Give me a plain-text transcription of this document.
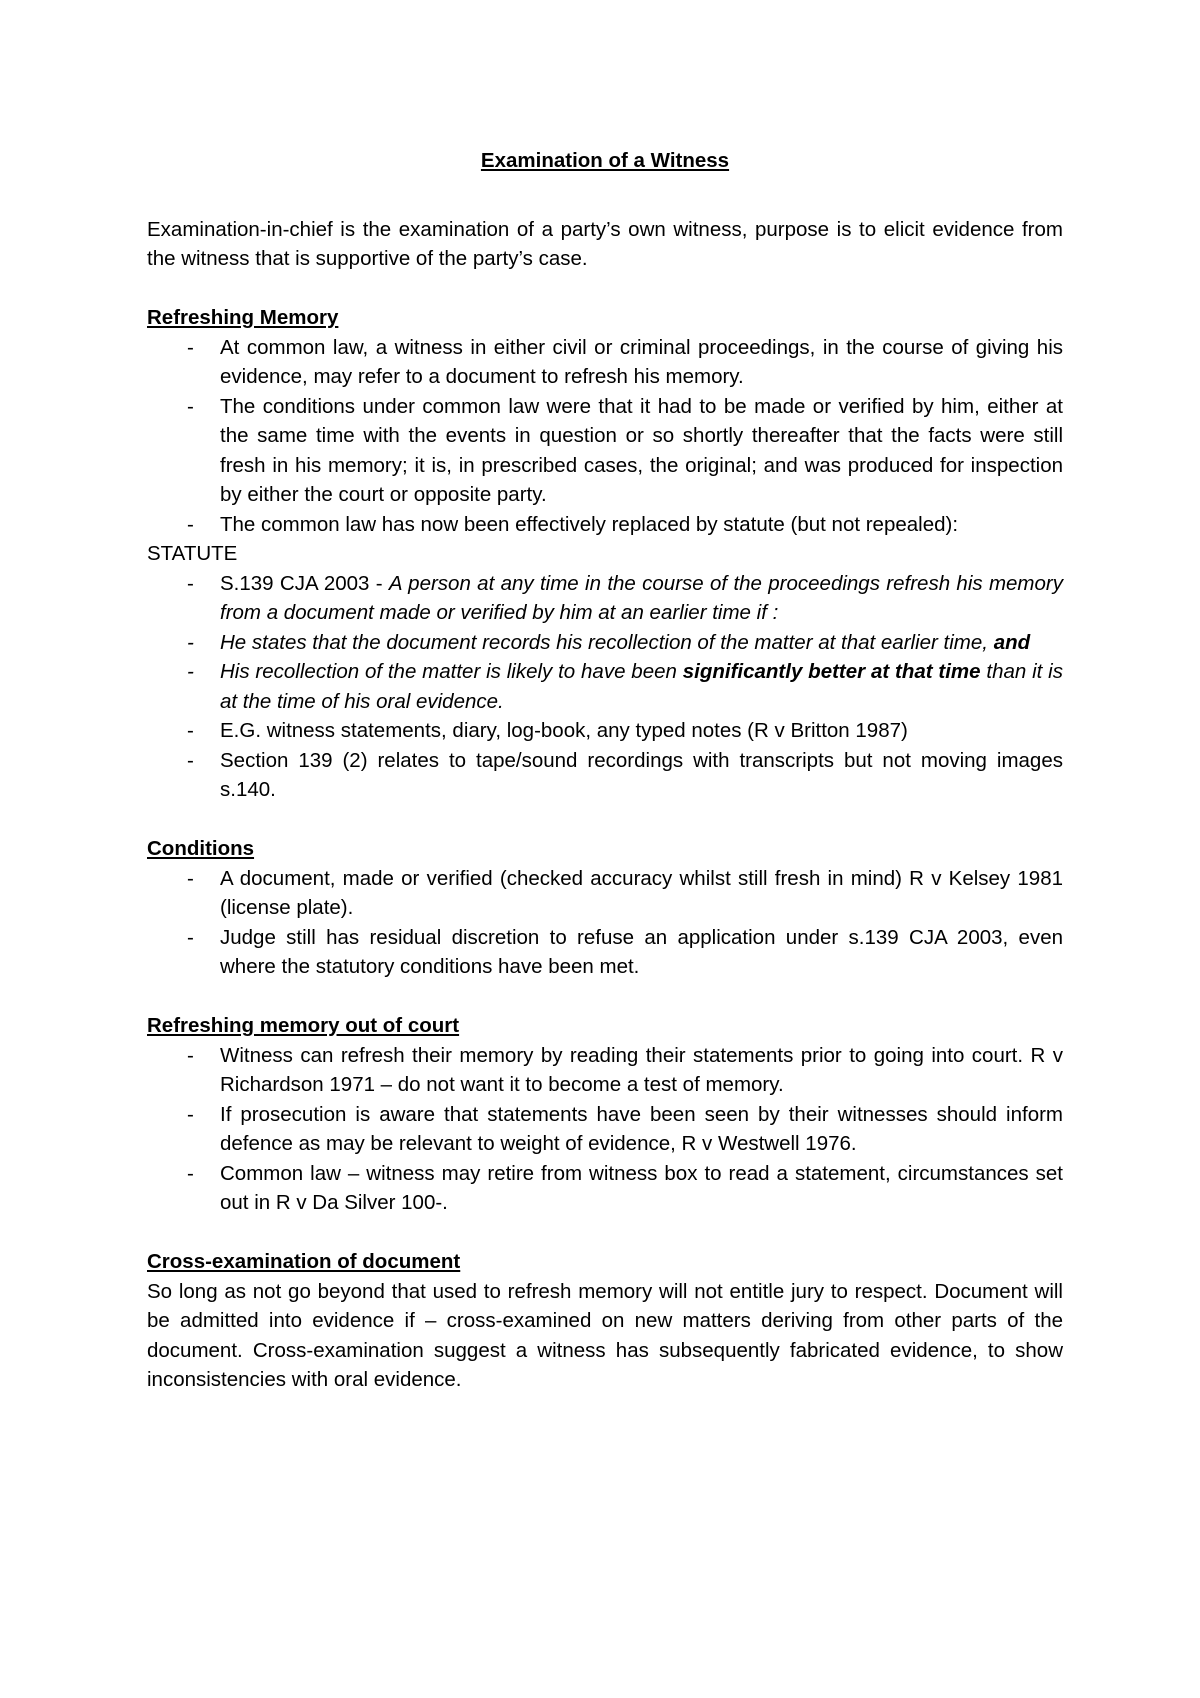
Examination of a Witness

Examination-in-chief is the examination of a party’s own witness, purpose is to elicit evidence from the witness that is supportive of the party’s case.

Refreshing Memory
- At common law, a witness in either civil or criminal proceedings, in the course of giving his evidence, may refer to a document to refresh his memory.
- The conditions under common law were that it had to be made or verified by him, either at the same time with the events in question or so shortly thereafter that the facts were still fresh in his memory; it is, in prescribed cases, the original; and was produced for inspection by either the court or opposite party.
- The common law has now been effectively replaced by statute (but not repealed):
STATUTE
- S.139 CJA 2003 - A person at any time in the course of the proceedings refresh his memory from a document made or verified by him at an earlier time if :
- He states that the document records his recollection of the matter at that earlier time, and
- His recollection of the matter is likely to have been significantly better at that time than it is at the time of his oral evidence.
- E.G. witness statements, diary, log-book, any typed notes (R v Britton 1987)
- Section 139 (2) relates to tape/sound recordings with transcripts but not moving images s.140.
Conditions
- A document, made or verified (checked accuracy whilst still fresh in mind) R v Kelsey 1981 (license plate).
- Judge still has residual discretion to refuse an application under s.139 CJA 2003, even where the statutory conditions have been met.
Refreshing memory out of court
- Witness can refresh their memory by reading their statements prior to going into court. R v Richardson 1971 – do not want it to become a test of memory.
- If prosecution is aware that statements have been seen by their witnesses should inform defence as may be relevant to weight of evidence, R v Westwell 1976.
- Common law – witness may retire from witness box to read a statement, circumstances set out in R v Da Silver 100-.
Cross-examination of document

So long as not go beyond that used to refresh memory will not entitle jury to respect. Document will be admitted into evidence if – cross-examined on new matters deriving from other parts of the document. Cross-examination suggest a witness has subsequently fabricated evidence, to show inconsistencies with oral evidence.
